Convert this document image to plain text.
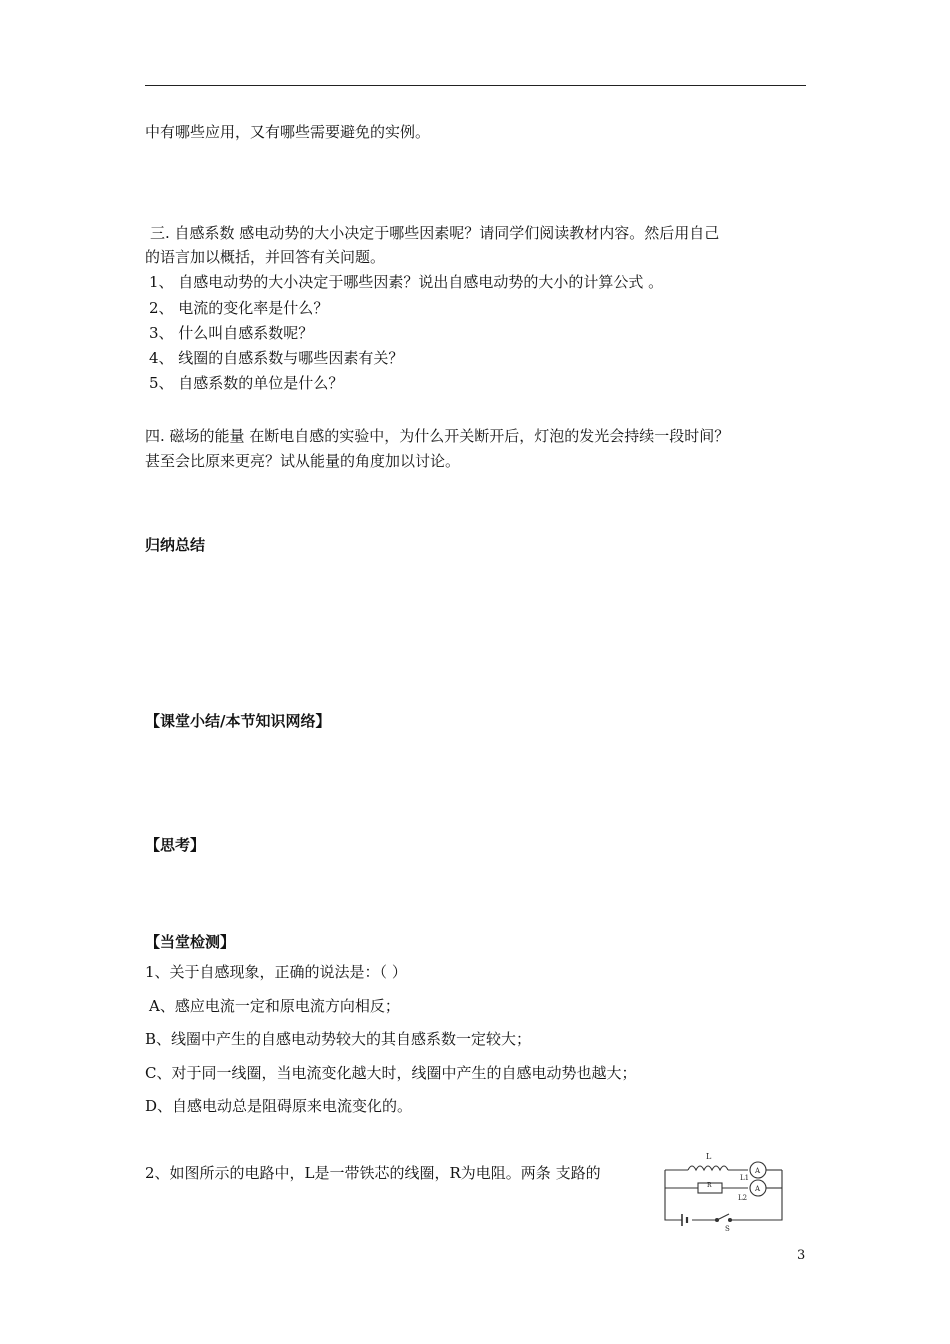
中有哪些应用，又有哪些需要避免的实例。
三. 自感系数 感电动势的大小决定于哪些因素呢？请同学们阅读教材内容。然后用自己
的语言加以概括，并回答有关问题。
1、 自感电动势的大小决定于哪些因素？说出自感电动势的大小的计算公式 。
2、 电流的变化率是什么？
3、 什么叫自感系数呢？
4、 线圈的自感系数与哪些因素有关？
5、 自感系数的单位是什么？
四. 磁场的能量 在断电自感的实验中，为什么开关断开后，灯泡的发光会持续一段时间？
甚至会比原来更亮？试从能量的角度加以讨论。
归纳总结
【课堂小结/本节知识网络】
【思考】
【当堂检测】
1、关于自感现象，正确的说法是：（ ）
A、感应电流一定和原电流方向相反；
B、线圈中产生的自感电动势较大的其自感系数一定较大；
C、对于同一线圈，当电流变化越大时，线圈中产生的自感电动势也越大；
D、自感电动总是阻碍原来电流变化的。
2、如图所示的电路中，L是一带铁芯的线圈，R为电阻。两条 支路的
L
R
L1
L2
A
A
S
3
